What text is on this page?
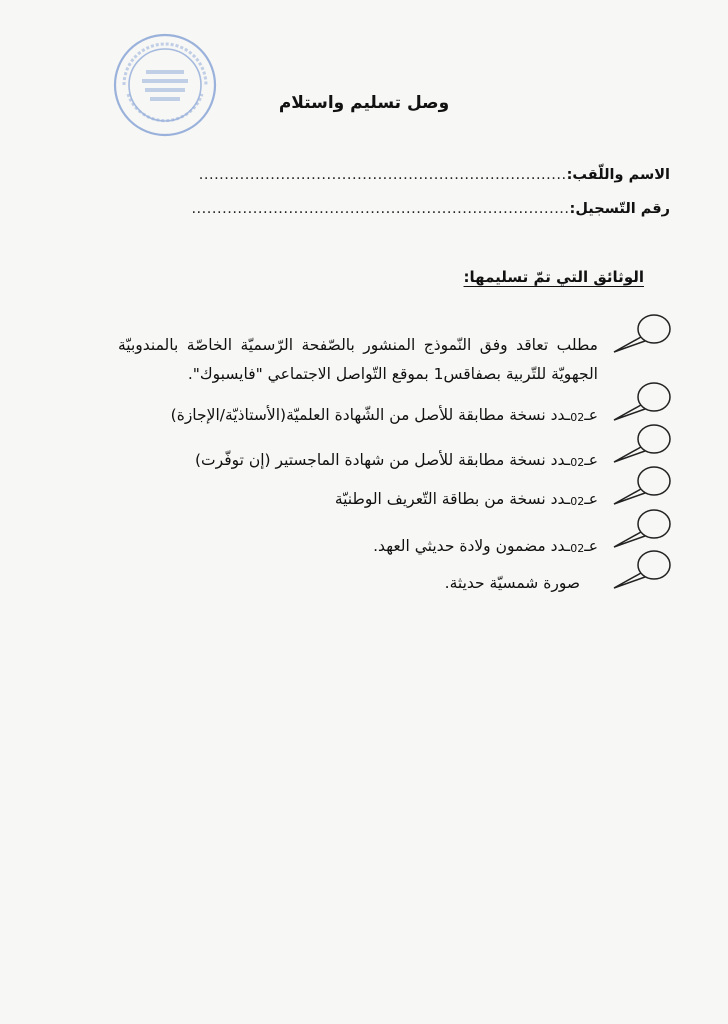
وصل تسليم واستلام
الاسم واللّقب:
........................................................................
رقم التّسجيل:
..........................................................................
الوثائق التي تمّ تسليمها:
مطلب تعاقد وفق النّموذج المنشور بالصّفحة الرّسميّة الخاصّة بالمندوبيّة الجهويّة للتّربية بصفاقس1 بموقع التّواصل الاجتماعي "فايسبوك".
عـ02ـدد نسخة مطابقة للأصل من الشّهادة العلميّة(الأستاذيّة/الإجازة)
عـ02ـدد نسخة مطابقة للأصل من شهادة الماجستير (إن توفّرت)
عـ02ـدد نسخة من بطاقة التّعريف الوطنيّة
عـ02ـدد مضمون ولادة حديثي العهد.
صورة شمسيّة حديثة.
